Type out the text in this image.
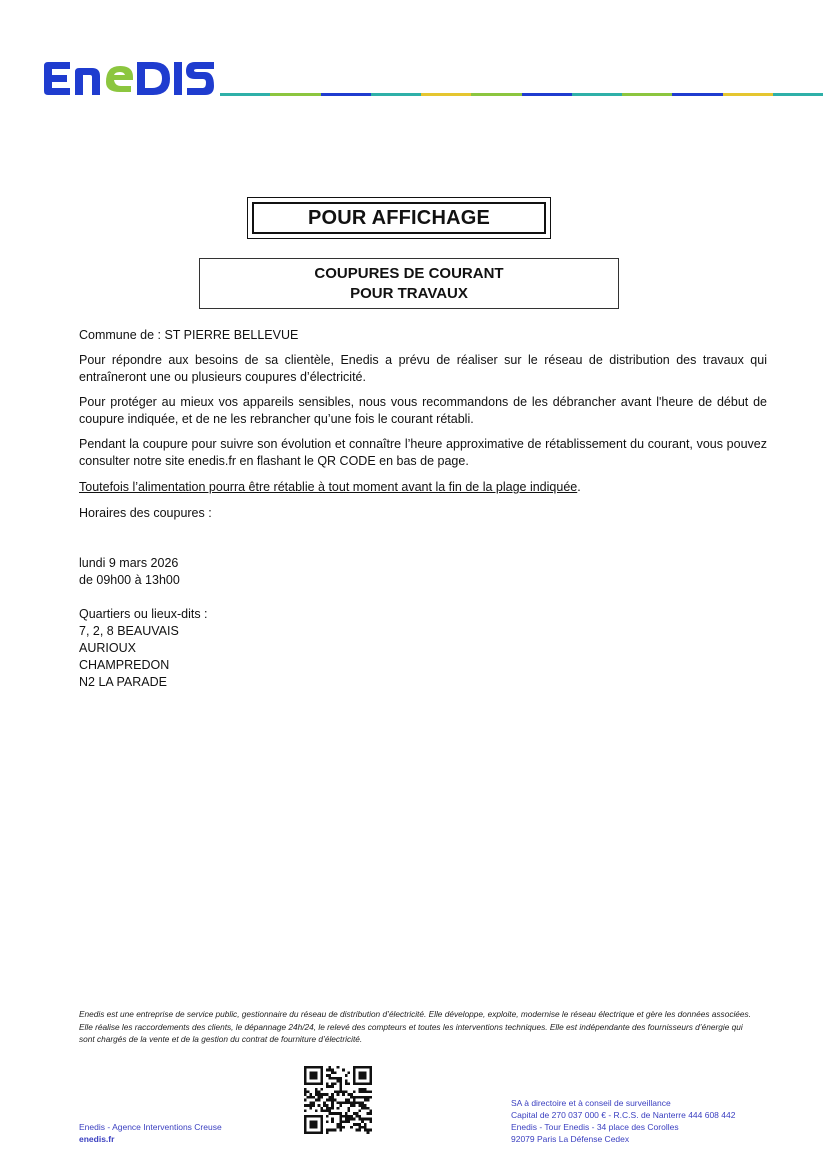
POUR AFFICHAGE
COUPURES DE COURANT
POUR TRAVAUX
Commune de : ST PIERRE BELLEVUE
Pour répondre aux besoins de sa clientèle, Enedis a prévu de réaliser sur le réseau de distribution des travaux qui entraîneront une ou plusieurs coupures d’électricité.
Pour protéger au mieux vos appareils sensibles, nous vous recommandons de les débrancher avant l'heure de début de coupure indiquée, et de ne les rebrancher qu’une fois le courant rétabli.
Pendant la coupure pour suivre son évolution et connaître l’heure approximative de rétablissement du courant, vous pouvez consulter notre site enedis.fr en flashant le QR CODE en bas de page.
Toutefois l’alimentation pourra être rétablie à tout moment avant la fin de la plage indiquée.
Horaires des coupures :
lundi 9 mars 2026
de 09h00 à 13h00
Quartiers ou lieux-dits :
7, 2, 8 BEAUVAIS
AURIOUX
CHAMPREDON
N2 LA PARADE
Enedis est une entreprise de service public, gestionnaire du réseau de distribution d’électricité. Elle développe, exploite, modernise le réseau électrique et gère les données associées. Elle réalise les raccordements des clients, le dépannage 24h/24, le relevé des compteurs et toutes les interventions techniques. Elle est indépendante des fournisseurs d’énergie qui sont chargés de la vente et de la gestion du contrat de fourniture d’électricité.
Enedis - Agence Interventions Creuse
enedis.fr
SA à directoire et à conseil de surveillance
Capital de 270 037 000 € - R.C.S. de Nanterre 444 608 442
Enedis - Tour Enedis - 34 place des Corolles
92079 Paris La Défense Cedex
